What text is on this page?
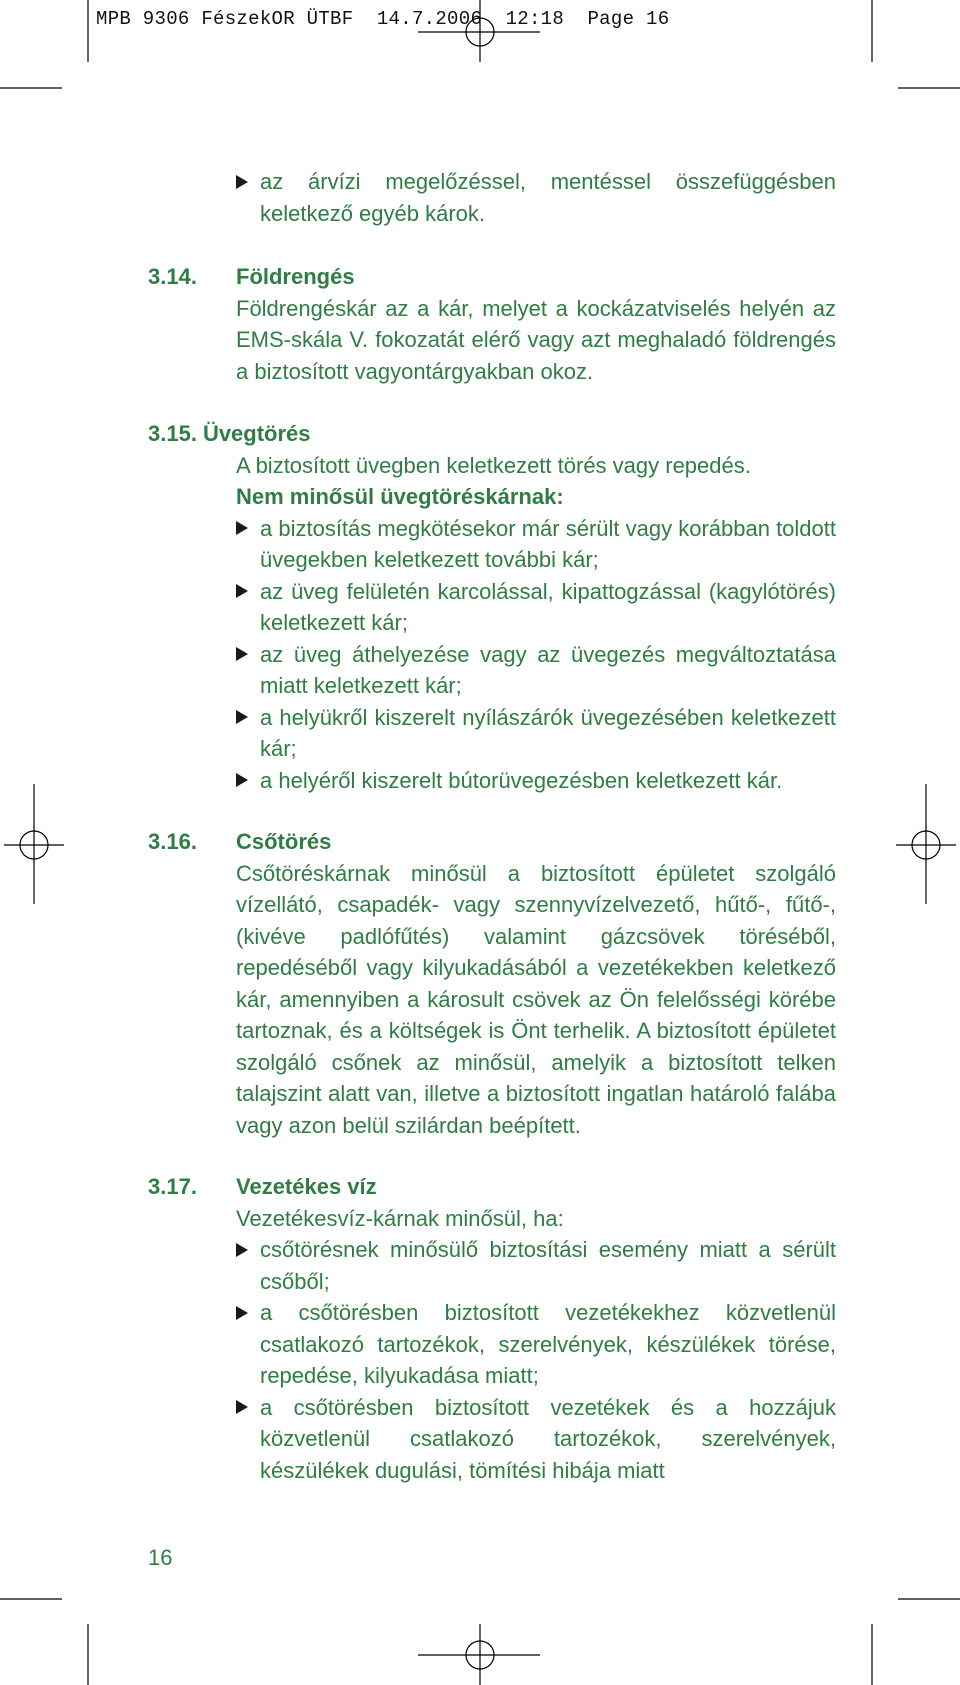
MPB 9306 FészekOR ÜTBF  14.7.2006  12:18  Page 16
az árvízi megelőzéssel, mentéssel összefüggésben keletkező egyéb károk.
3.14.	Földrengés
Földrengéskár az a kár, melyet a kockázatviselés helyén az EMS-skála V. fokozatát elérő vagy azt meghaladó földrengés a biztosított vagyontárgyakban okoz.
3.15. Üvegtörés
A biztosított üvegben keletkezett törés vagy repedés.
Nem minősül üvegtöréskárnak:
a biztosítás megkötésekor már sérült vagy korábban toldott üvegekben keletkezett további kár;
az üveg felületén karcolással, kipattogzással (kagylótörés) keletkezett kár;
az üveg áthelyezése vagy az üvegezés megváltoztatása miatt keletkezett kár;
a helyükről kiszerelt nyílászárók üvegezésében keletkezett kár;
a helyéről kiszerelt bútorüvegezésben keletkezett kár.
3.16.	Csőtörés
Csőtöréskárnak minősül a biztosított épületet szolgáló vízellátó, csapadék- vagy szennyvízelvezető, hűtő-, fűtő-, (kivéve padlófűtés) valamint gázcsövek töréséből, repedéséből vagy kilyukadásából a vezetékekben keletkező kár, amennyiben a károsult csövek az Ön felelősségi körébe tartoznak, és a költségek is Önt terhelik. A biztosított épületet szolgáló csőnek az minősül, amelyik a biztosított telken talajszint alatt van, illetve a biztosított ingatlan határoló falába vagy azon belül szilárdan beépített.
3.17.	Vezetékes víz
Vezetékesvíz-kárnak minősül, ha:
csőtörésnek minősülő biztosítási esemény miatt a sérült csőből;
a csőtörésben biztosított vezetékekhez közvetlenül csatlakozó tartozékok, szerelvények, készülékek törése, repedése, kilyukadása miatt;
a csőtörésben biztosított vezetékek és a hozzájuk közvetlenül csatlakozó tartozékok, szerelvények, készülékek dugulási, tömítési hibája miatt
16
